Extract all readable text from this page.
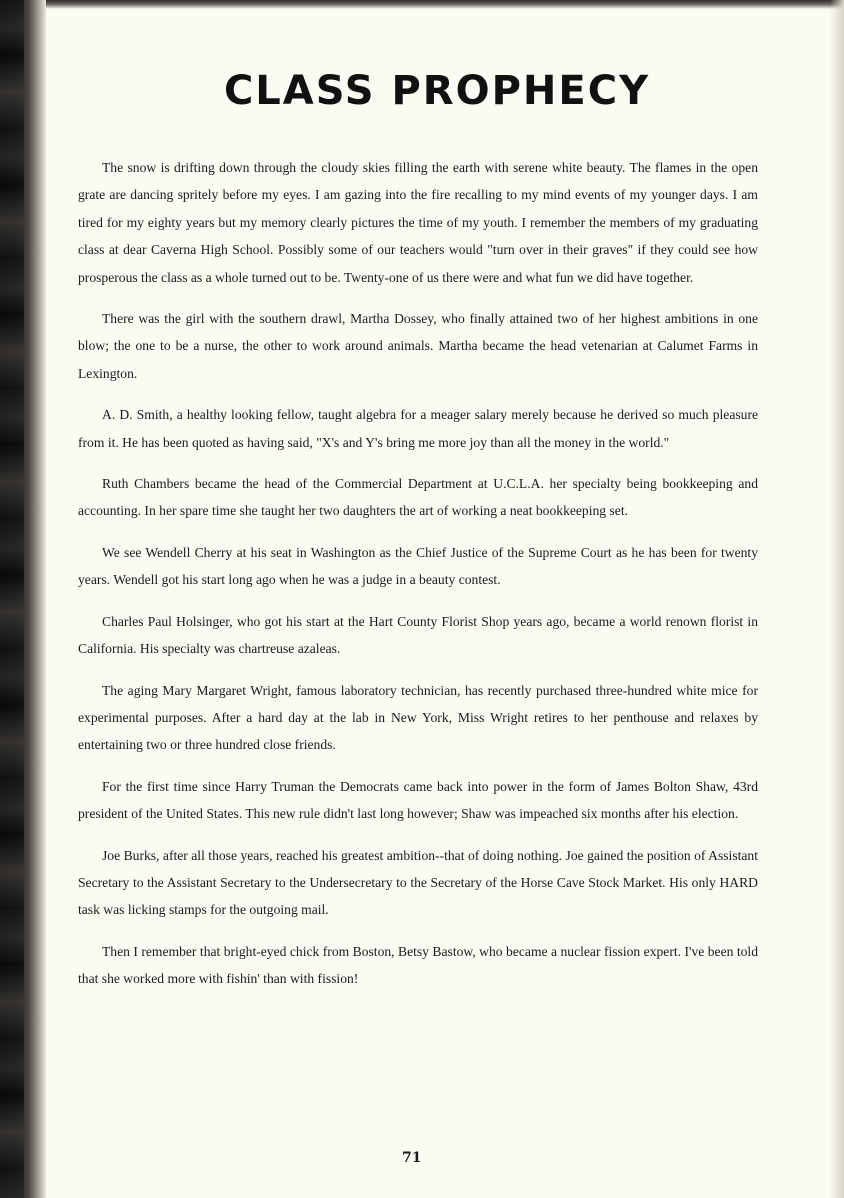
CLASS PROPHECY

The snow is drifting down through the cloudy skies filling the earth with serene white beauty. The flames in the open grate are dancing spritely before my eyes. I am gazing into the fire recalling to my mind events of my younger days. I am tired for my eighty years but my memory clearly pictures the time of my youth. I remember the members of my graduating class at dear Caverna High School. Possibly some of our teachers would "turn over in their graves" if they could see how prosperous the class as a whole turned out to be. Twenty-one of us there were and what fun we did have together.

There was the girl with the southern drawl, Martha Dossey, who finally attained two of her highest ambitions in one blow; the one to be a nurse, the other to work around animals. Martha became the head vetenarian at Calumet Farms in Lexington.

A. D. Smith, a healthy looking fellow, taught algebra for a meager salary merely because he derived so much pleasure from it. He has been quoted as having said, "X's and Y's bring me more joy than all the money in the world."

Ruth Chambers became the head of the Commercial Department at U.C.L.A. her specialty being bookkeeping and accounting. In her spare time she taught her two daughters the art of working a neat bookkeeping set.

We see Wendell Cherry at his seat in Washington as the Chief Justice of the Supreme Court as he has been for twenty years. Wendell got his start long ago when he was a judge in a beauty contest.

Charles Paul Holsinger, who got his start at the Hart County Florist Shop years ago, became a world renown florist in California. His specialty was chartreuse azaleas.

The aging Mary Margaret Wright, famous laboratory technician, has recently purchased three-hundred white mice for experimental purposes. After a hard day at the lab in New York, Miss Wright retires to her penthouse and relaxes by entertaining two or three hundred close friends.

For the first time since Harry Truman the Democrats came back into power in the form of James Bolton Shaw, 43rd president of the United States. This new rule didn't last long however; Shaw was impeached six months after his election.

Joe Burks, after all those years, reached his greatest ambition--that of doing nothing. Joe gained the position of Assistant Secretary to the Assistant Secretary to the Undersecretary to the Secretary of the Horse Cave Stock Market. His only HARD task was licking stamps for the outgoing mail.

Then I remember that bright-eyed chick from Boston, Betsy Bastow, who became a nuclear fission expert. I've been told that she worked more with fishin' than with fission!

71
